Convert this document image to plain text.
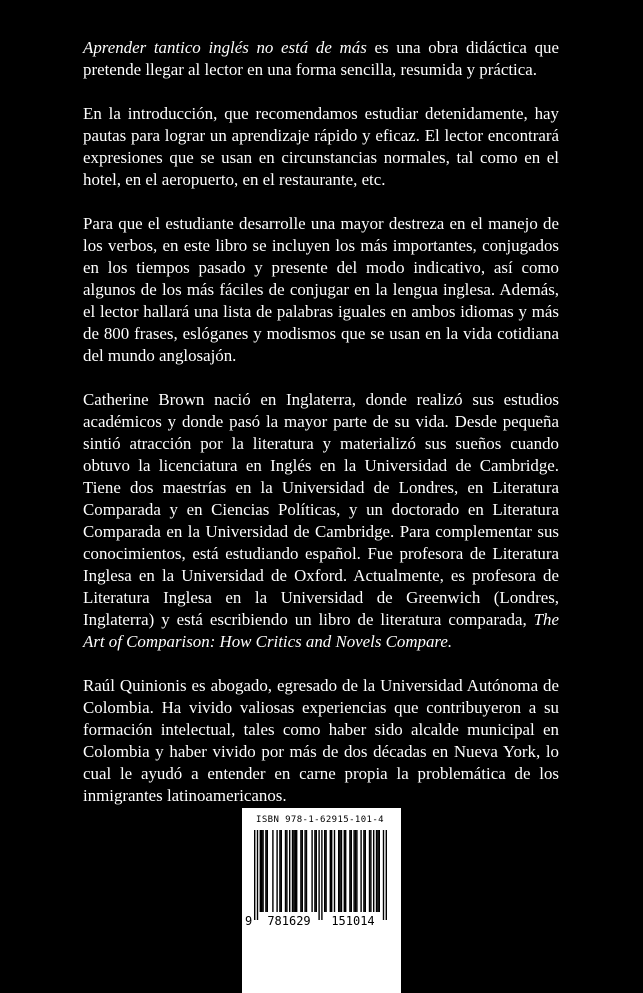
Aprender tantico inglés no está de más es una obra didáctica que pretende llegar al lector en una forma sencilla, resumida y práctica.

En la introducción, que recomendamos estudiar detenidamente, hay pautas para lograr un aprendizaje rápido y eficaz. El lector encontrará expresiones que se usan en circunstancias normales, tal como en el hotel, en el aeropuerto, en el restaurante, etc.

Para que el estudiante desarrolle una mayor destreza en el manejo de los verbos, en este libro se incluyen los más importantes, conjugados en los tiempos pasado y presente del modo indicativo, así como algunos de los más fáciles de conjugar en la lengua inglesa. Además, el lector hallará una lista de palabras iguales en ambos idiomas y más de 800 frases, eslóganes y modismos que se usan en la vida cotidiana del mundo anglosajón.

Catherine Brown nació en Inglaterra, donde realizó sus estudios académicos y donde pasó la mayor parte de su vida. Desde pequeña sintió atracción por la literatura y materializó sus sueños cuando obtuvo la licenciatura en Inglés en la Universidad de Cambridge. Tiene dos maestrías en la Universidad de Londres, en Literatura Comparada y en Ciencias Políticas, y un doctorado en Literatura Comparada en la Universidad de Cambridge. Para complementar sus conocimientos, está estudiando español. Fue profesora de Literatura Inglesa en la Universidad de Oxford. Actualmente, es profesora de Literatura Inglesa en la Universidad de Greenwich (Londres, Inglaterra) y está escribiendo un libro de literatura comparada, The Art of Comparison: How Critics and Novels Compare.

Raúl Quinionis es abogado, egresado de la Universidad Autónoma de Colombia. Ha vivido valiosas experiencias que contribuyeron a su formación intelectual, tales como haber sido alcalde municipal en Colombia y haber vivido por más de dos décadas en Nueva York, lo cual le ayudó a entender en carne propia la problemática de los inmigrantes latinoamericanos.

ISBN 978-1-62915-101-4
9 781629 151014
